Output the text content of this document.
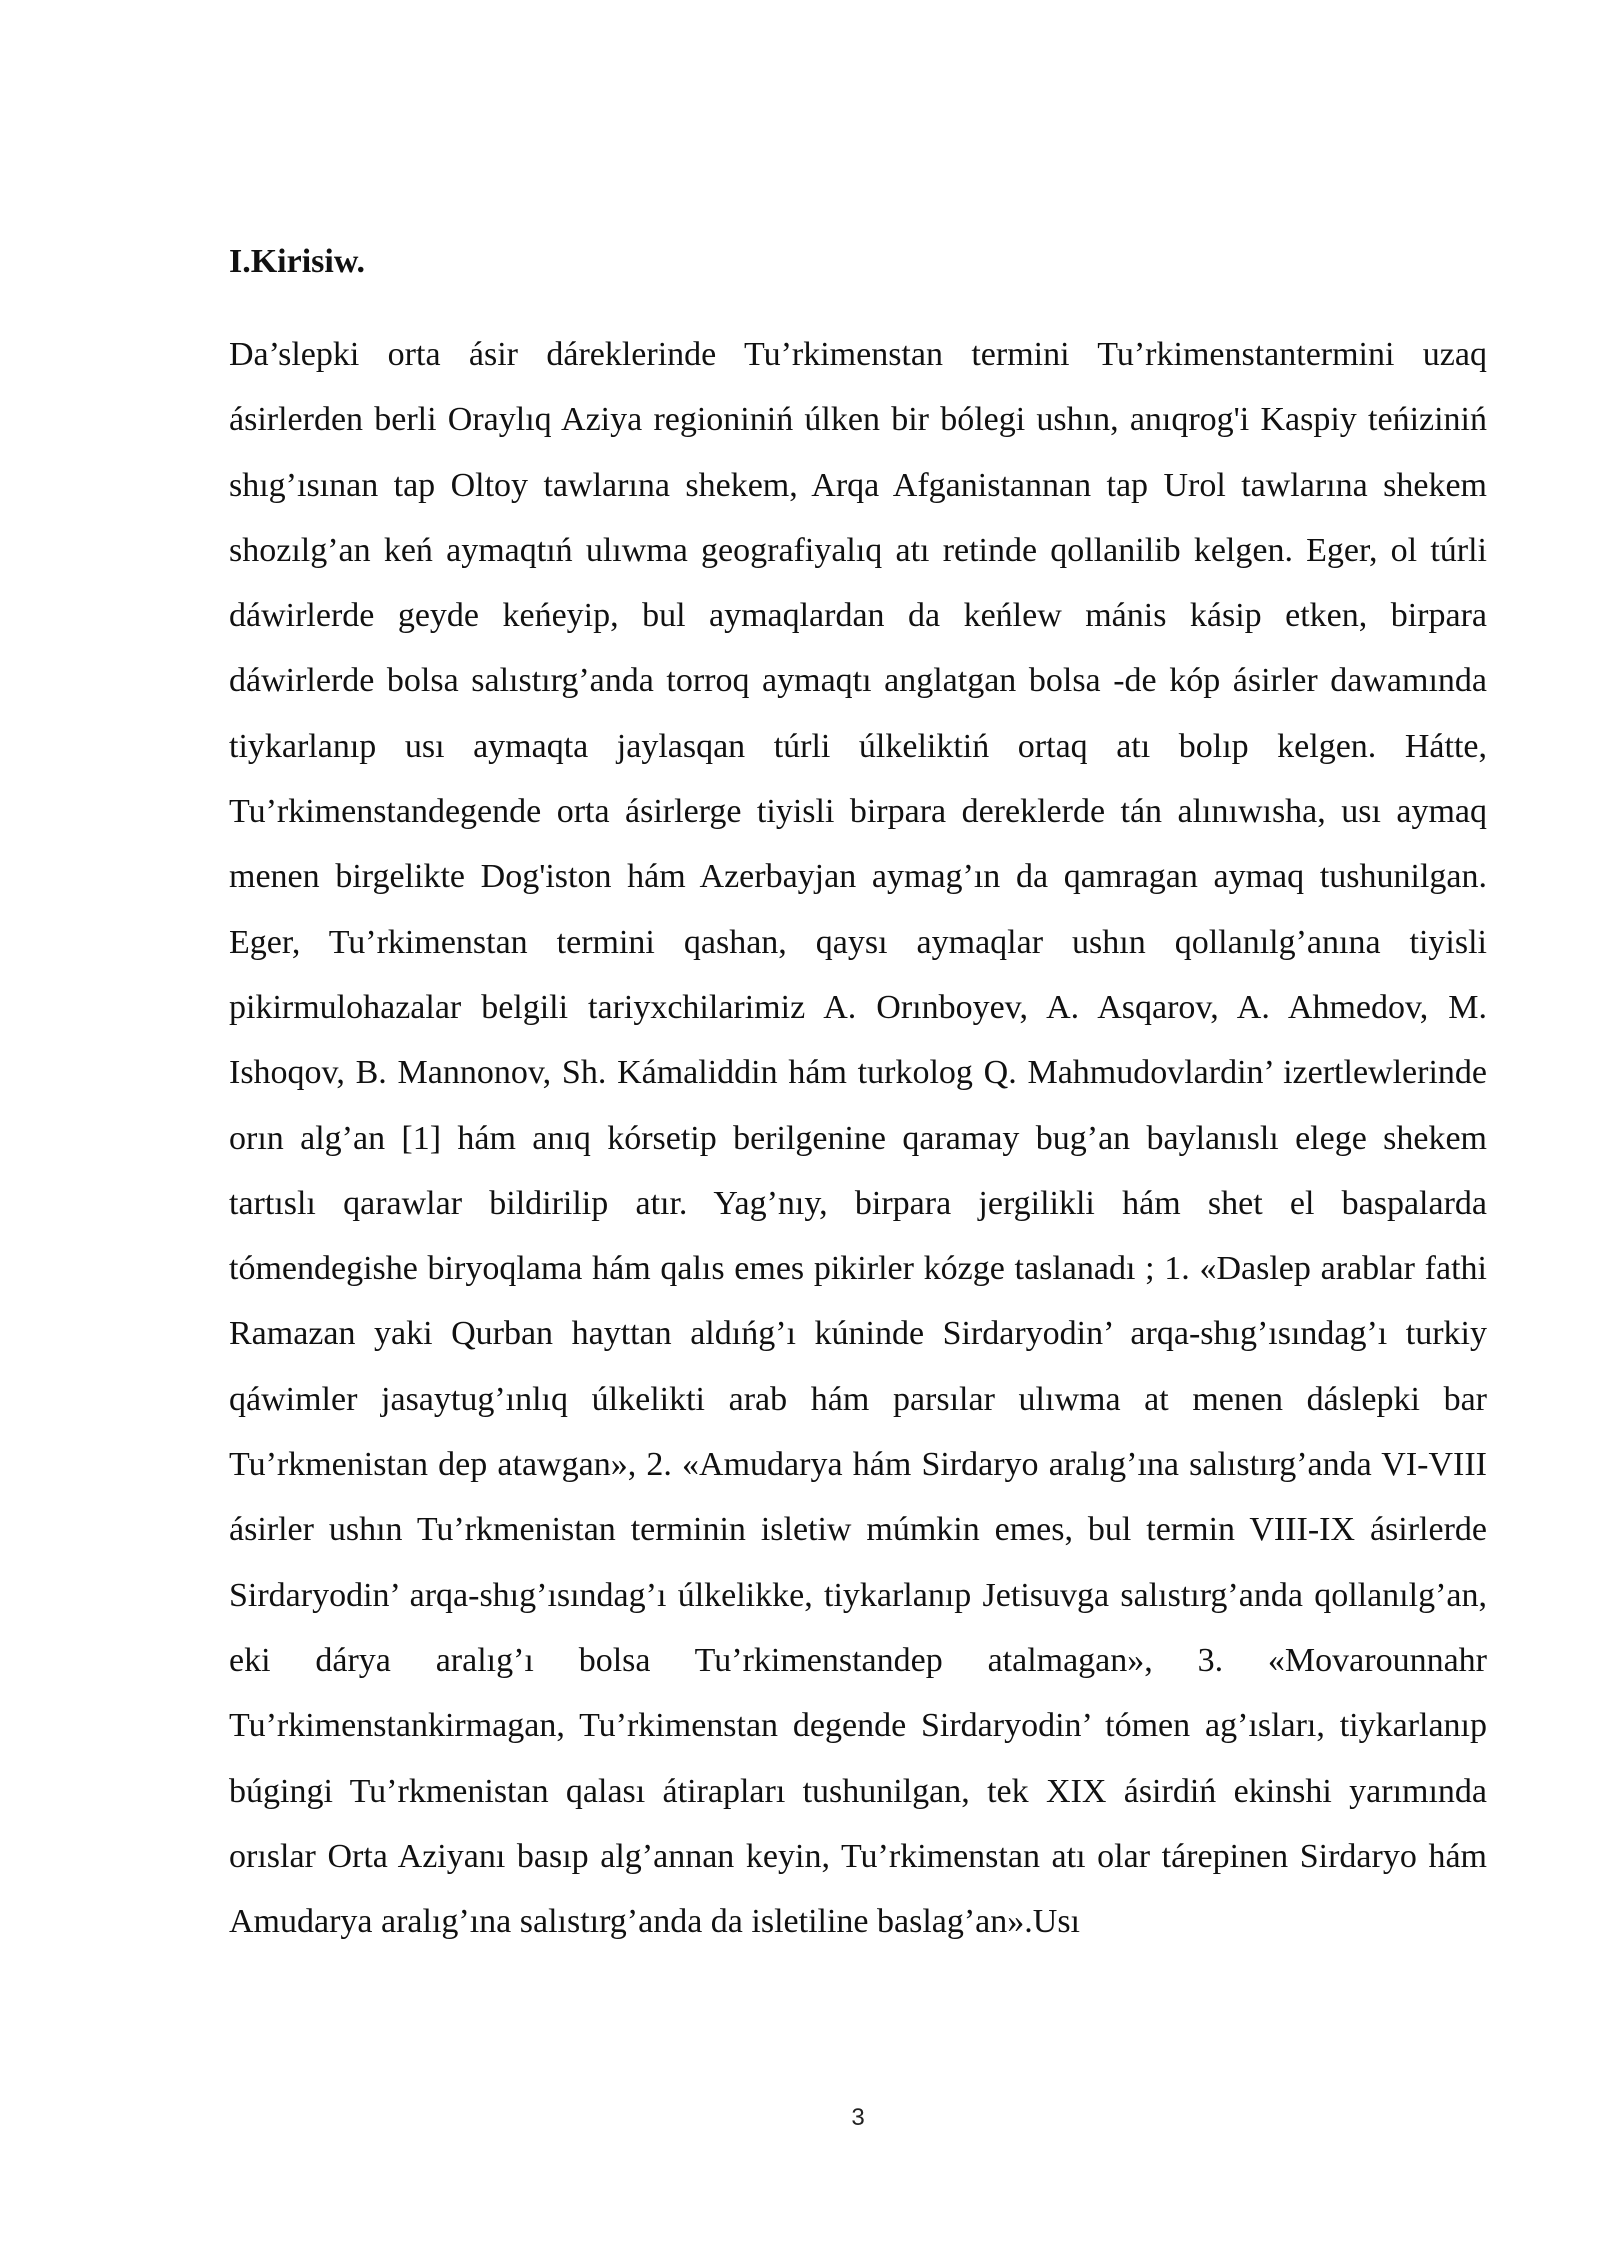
I.Kirisiw.

Da’slepki orta ásir dáreklerinde Tu’rkimenstan termini Tu’rkimenstantermini uzaq ásirlerden berli Oraylıq Aziya regioniniń úlken bir bólegi ushın, anıqrog'i Kaspiy teńiziniń shıg’ısınan tap Oltoy tawlarına shekem, Arqa Afganistannan tap Urol tawlarına shekem shozılg’an keń aymaqtıń ulıwma geografiyalıq atı retinde qollanilib kelgen. Eger, ol túrli dáwirlerde geyde keńeyip, bul aymaqlardan da keńlew mánis kásip etken, birpara dáwirlerde bolsa salıstırg’anda torroq aymaqtı anglatgan bolsa -de kóp ásirler dawamında tiykarlanıp usı aymaqta jaylasqan túrli úlkeliktiń ortaq atı bolıp kelgen. Hátte, Tu’rkimenstandegende orta ásirlerge tiyisli birpara dereklerde tán alınıwısha, usı aymaq menen birgelikte Dog'iston hám Azerbayjan aymag’ın da qamragan aymaq tushunilgan. Eger, Tu’rkimenstan termini qashan, qaysı aymaqlar ushın qollanılg’anına tiyisli pikirmulohazalar belgili tariyxchilarimiz A. Orınboyev, A. Asqarov, A. Ahmedov, M. Ishoqov, B. Mannonov, Sh. Kámaliddin hám turkolog Q. Mahmudovlardin’ izertlewlerinde orın alg’an [1] hám anıq kórsetip berilgenine qaramay bug’an baylanıslı elege shekem tartıslı qarawlar bildirilip atır. Yag’nıy, birpara jergilikli hám shet el baspalarda tómendegishe biryoqlama hám qalıs emes pikirler kózge taslanadı ; 1. «Daslep arablar fathi Ramazan yaki Qurban hayttan aldıńg’ı kúninde Sirdaryodin’ arqa-shıg’ısındag’ı turkiy qáwimler jasaytug’ınlıq úlkelikti arab hám parsılar ulıwma at menen dáslepki bar Tu’rkmenistan dep atawgan», 2. «Amudarya hám Sirdaryo aralıg’ına salıstırg’anda VI-VIII ásirler ushın Tu’rkmenistan terminin isletiw múmkin emes, bul termin VIII-IX ásirlerde Sirdaryodin’ arqa-shıg’ısındag’ı úlkelikke, tiykarlanıp Jetisuvga salıstırg’anda qollanılg’an, eki dárya aralıg’ı bolsa Tu’rkimenstandep atalmagan», 3. «Movarounnahr Tu’rkimenstankirmagan, Tu’rkimenstan degende Sirdaryodin’ tómen ag’ısları, tiykarlanıp búgingi Tu’rkmenistan qalası átirapları tushunilgan, tek XIX ásirdiń ekinshi yarımında orıslar Orta Aziyanı basıp alg’annan keyin, Tu’rkimenstan atı olar tárepinen Sirdaryo hám Amudarya aralıg’ına salıstırg’anda da isletiline baslag’an».Usı

3
